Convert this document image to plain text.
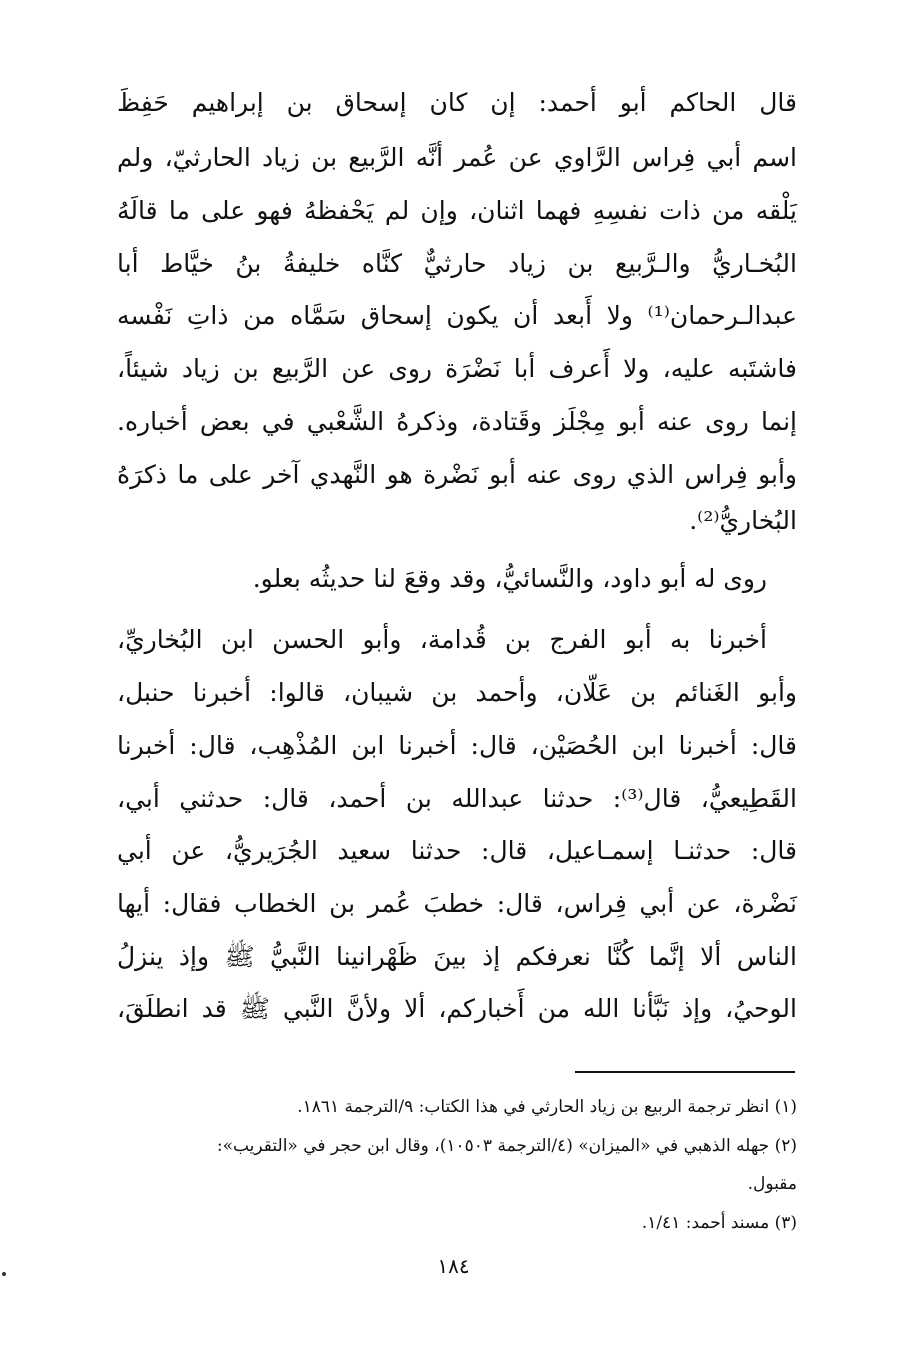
قال الحاكم أبو أحمد: إن كان إسحاق بن إبراهيم حَفِظَ
اسم أبي فِراس الرَّاوي عن عُمر أنَّه الرَّبيع بن زياد الحارثيّ، ولم
يَلْقه من ذات نفسِهِ فهما اثنان، وإن لم يَحْفظهُ فهو على ما قالَهُ
البُخـاريُّ والـرَّبيع بن زياد حارثيٌّ كنَّاه خليفةُ بنُ خيَّاط أبا
عبدالـرحمان⁽¹⁾ ولا أَبعد أن يكون إسحاق سَمَّاه من ذاتِ نَفْسه
فاشتَبه عليه، ولا أَعرف أبا نَضْرَة روى عن الرَّبيع بن زياد شيئاً،
إنما روى عنه أبو مِجْلَز وقَتادة، وذكرهُ الشَّعْبي في بعض أخباره.
وأبو فِراس الذي روى عنه أبو نَضْرة هو النَّهدي آخر على ما ذكرَهُ
البُخاريُّ⁽²⁾.
روى له أبو داود، والنَّسائيُّ، وقد وقعَ لنا حديثُه بعلو.
أخبرنا به أبو الفرج بن قُدامة، وأبو الحسن ابن البُخاريِّ،
وأبو الغَنائم بن عَلّان، وأحمد بن شيبان، قالوا: أخبرنا حنبل،
قال: أخبرنا ابن الحُصَيْن، قال: أخبرنا ابن المُذْهِب، قال: أخبرنا
القَطِيعيُّ، قال⁽³⁾: حدثنا عبدالله بن أحمد، قال: حدثني أبي،
قال: حدثنـا إسمـاعيل، قال: حدثنا سعيد الجُرَيريُّ، عن أبي
نَضْرة، عن أبي فِراس، قال: خطبَ عُمر بن الخطاب فقال: أيها
الناس ألا إنَّما كُنَّا نعرفكم إذ بينَ ظَهْرانينا النَّبيُّ ﷺ وإذ ينزلُ
الوحيُ، وإذ نَبَّأنا الله من أَخباركم، ألا ولأنَّ النَّبي ﷺ قد انطلَقَ،
(١) انظر ترجمة الربيع بن زياد الحارثي في هذا الكتاب: ٩/الترجمة ١٨٦١.
(٢) جهله الذهبي في «الميزان» (٤/الترجمة ١٠٥٠٣)، وقال ابن حجر في «التقريب»:
مقبول.
(٣) مسند أحمد: ١/٤١.
١٨٤
